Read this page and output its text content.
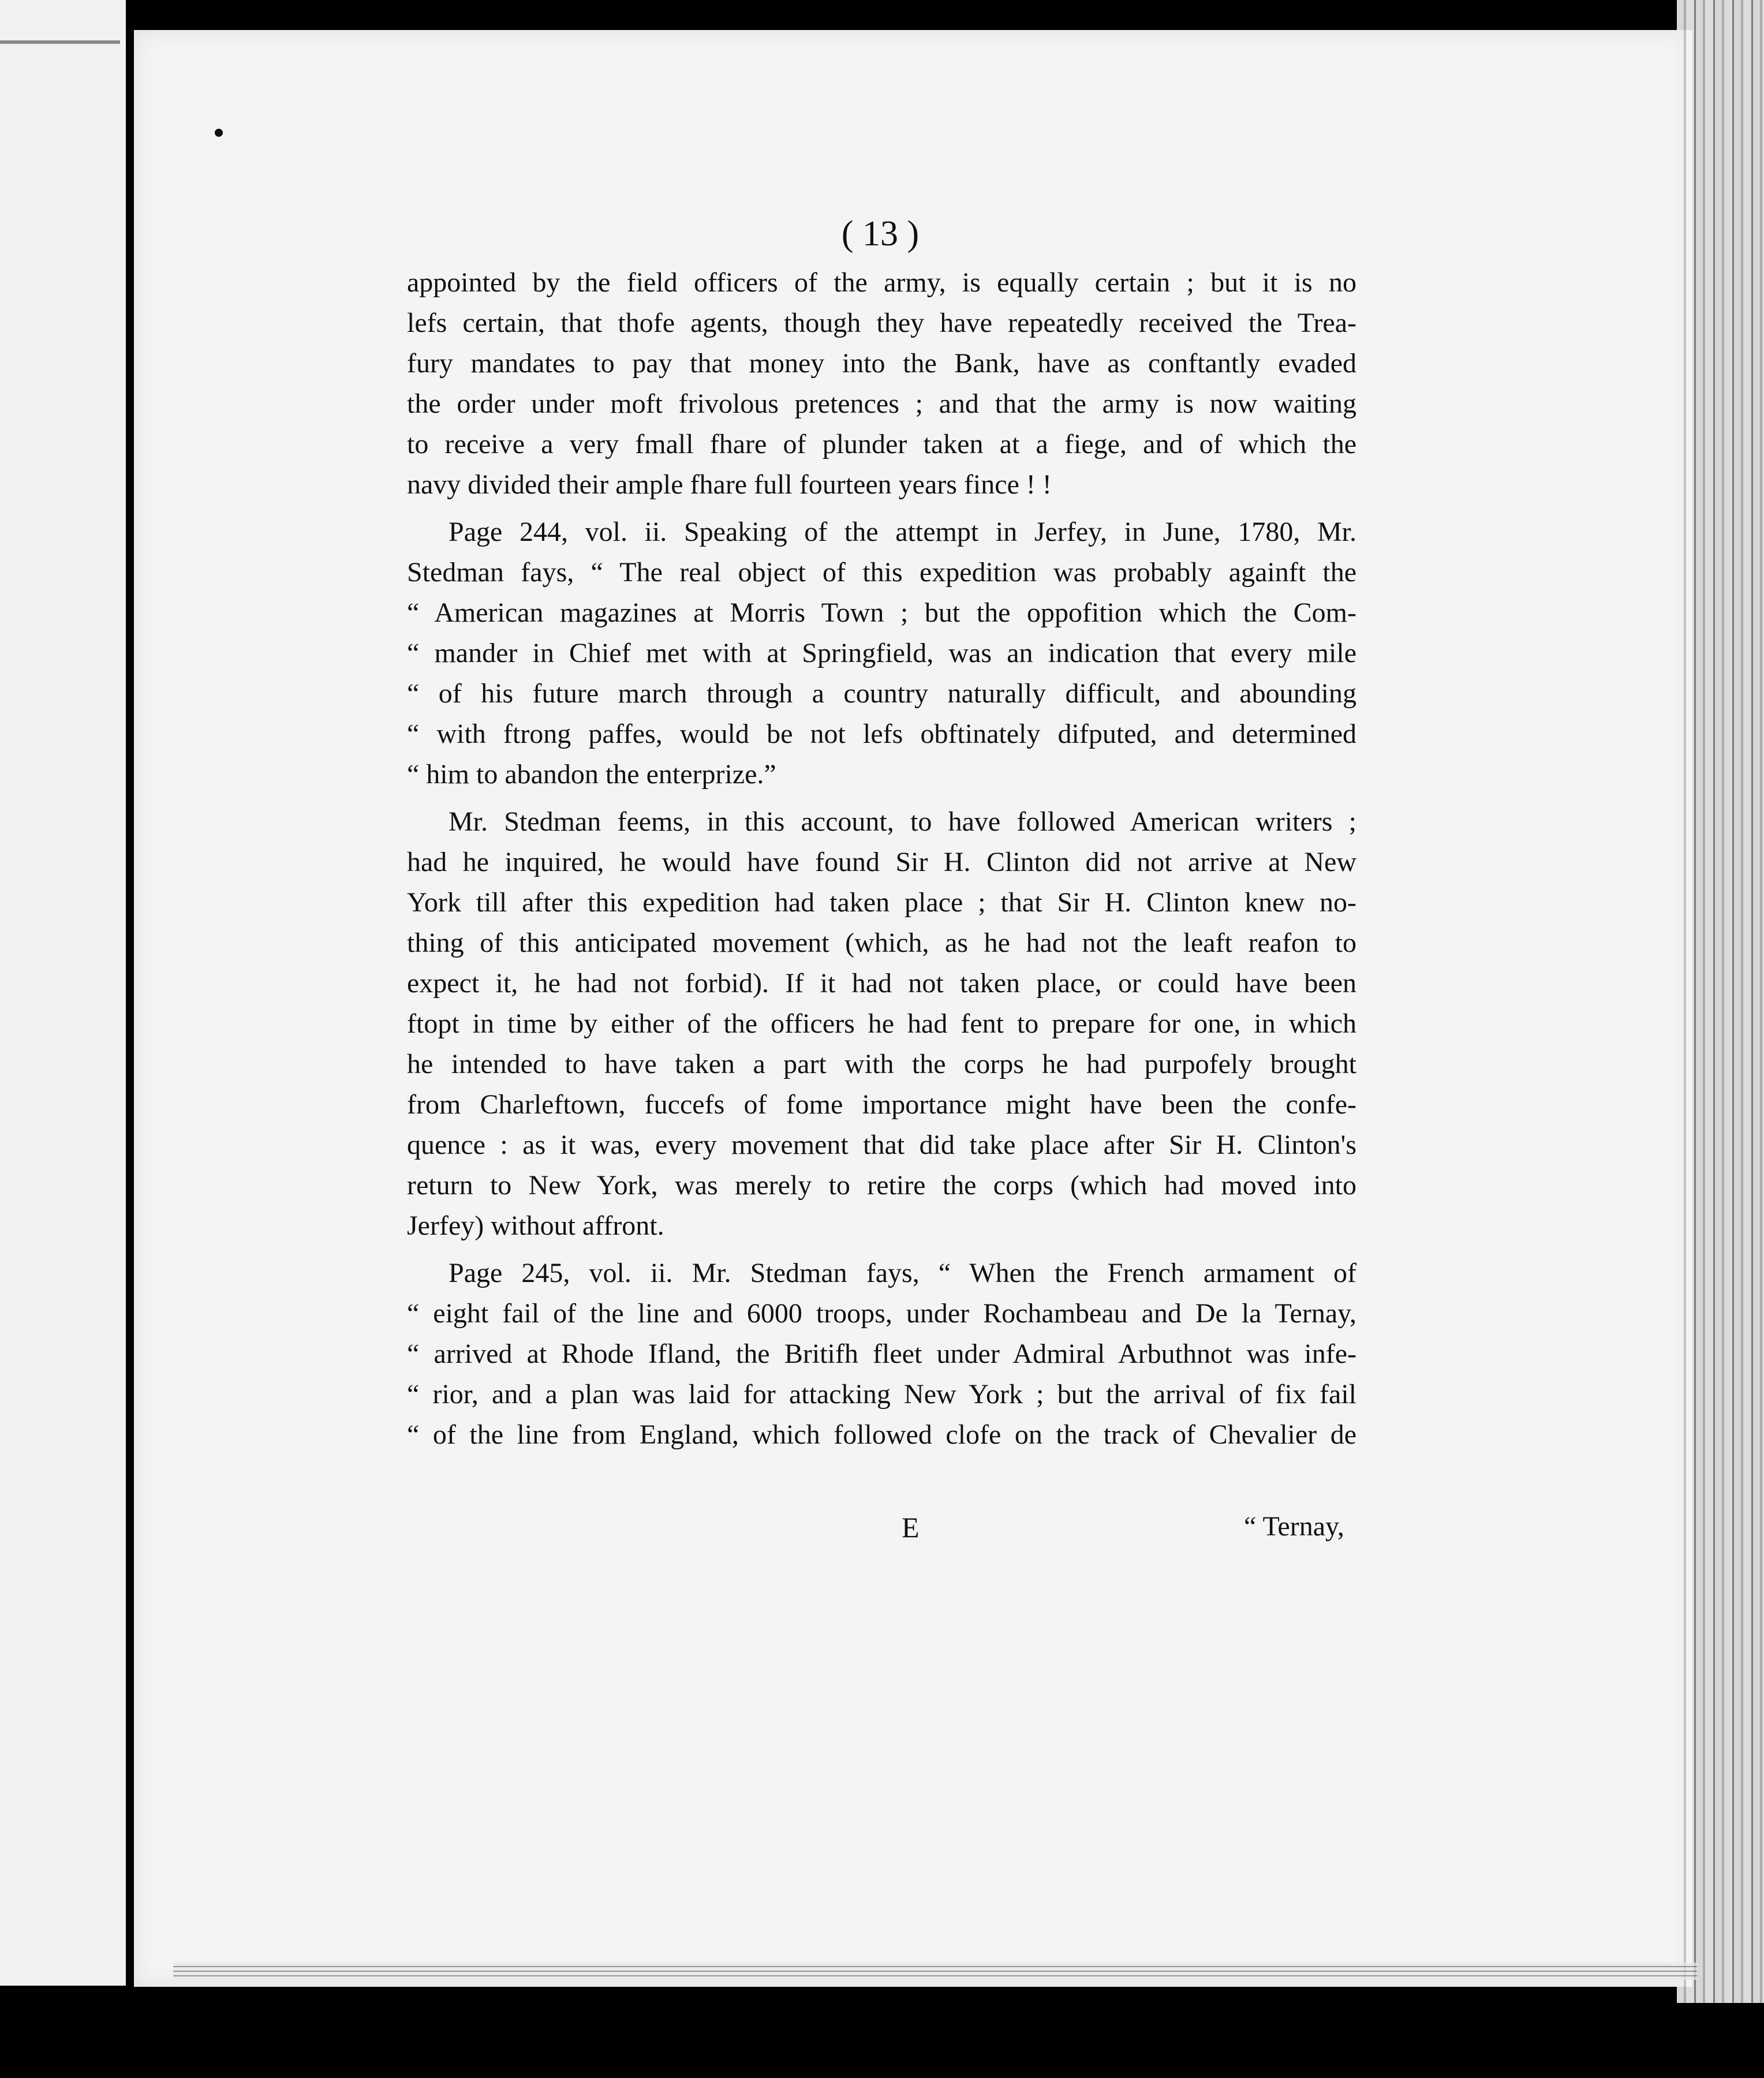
( 13 )
appointed by the field officers of the army, is equally certain ; but it is no
lefs certain, that thofe agents, though they have repeatedly received the Trea-
fury mandates to pay that money into the Bank, have as conftantly evaded
the order under moft frivolous pretences ; and that the army is now waiting
to receive a very fmall fhare of plunder taken at a fiege, and of which the
navy divided their ample fhare full fourteen years fince ! !
Page 244, vol. ii. Speaking of the attempt in Jerfey, in June, 1780, Mr.
Stedman fays, “ The real object of this expedition was probably againft the
“ American magazines at Morris Town ; but the oppofition which the Com-
“ mander in Chief met with at Springfield, was an indication that every mile
“ of his future march through a country naturally difficult, and abounding
“ with ftrong paffes, would be not lefs obftinately difputed, and determined
“ him to abandon the enterprize.”
Mr. Stedman feems, in this account, to have followed American writers ;
had he inquired, he would have found Sir H. Clinton did not arrive at New
York till after this expedition had taken place ; that Sir H. Clinton knew no-
thing of this anticipated movement (which, as he had not the leaft reafon to
expect it, he had not forbid). If it had not taken place, or could have been
ftopt in time by either of the officers he had fent to prepare for one, in which
he intended to have taken a part with the corps he had purpofely brought
from Charleftown, fuccefs of fome importance might have been the confe-
quence : as it was, every movement that did take place after Sir H. Clinton's
return to New York, was merely to retire the corps (which had moved into
Jerfey) without affront.
Page 245, vol. ii. Mr. Stedman fays, “ When the French armament of
“ eight fail of the line and 6000 troops, under Rochambeau and De la Ternay,
“ arrived at Rhode Ifland, the Britifh fleet under Admiral Arbuthnot was infe-
“ rior, and a plan was laid for attacking New York ; but the arrival of fix fail
“ of the line from England, which followed clofe on the track of Chevalier de
E	“ Ternay,
